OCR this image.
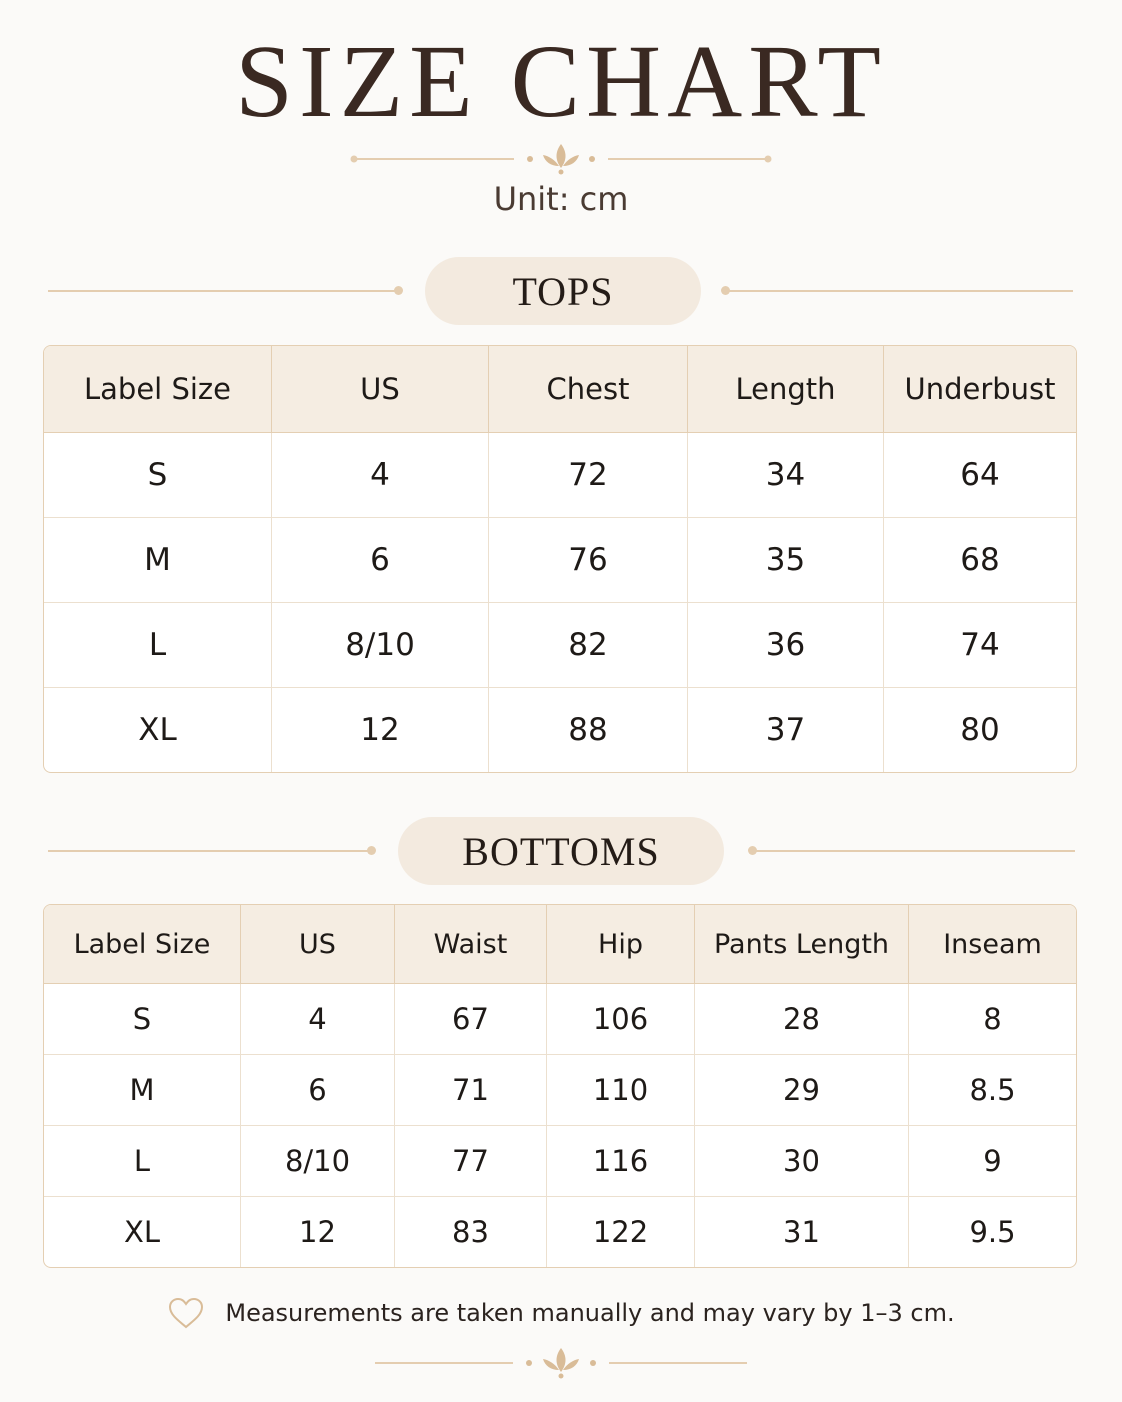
SIZE CHART
Unit: cm
TOPS
Label Size	US	Chest	Length	Underbust
S	4	72	34	64
M	6	76	35	68
L	8/10	82	36	74
XL	12	88	37	80
BOTTOMS
Label Size	US	Waist	Hip	Pants Length	Inseam
S	4	67	106	28	8
M	6	71	110	29	8.5
L	8/10	77	116	30	9
XL	12	83	122	31	9.5
Measurements are taken manually and may vary by 1–3 cm.
